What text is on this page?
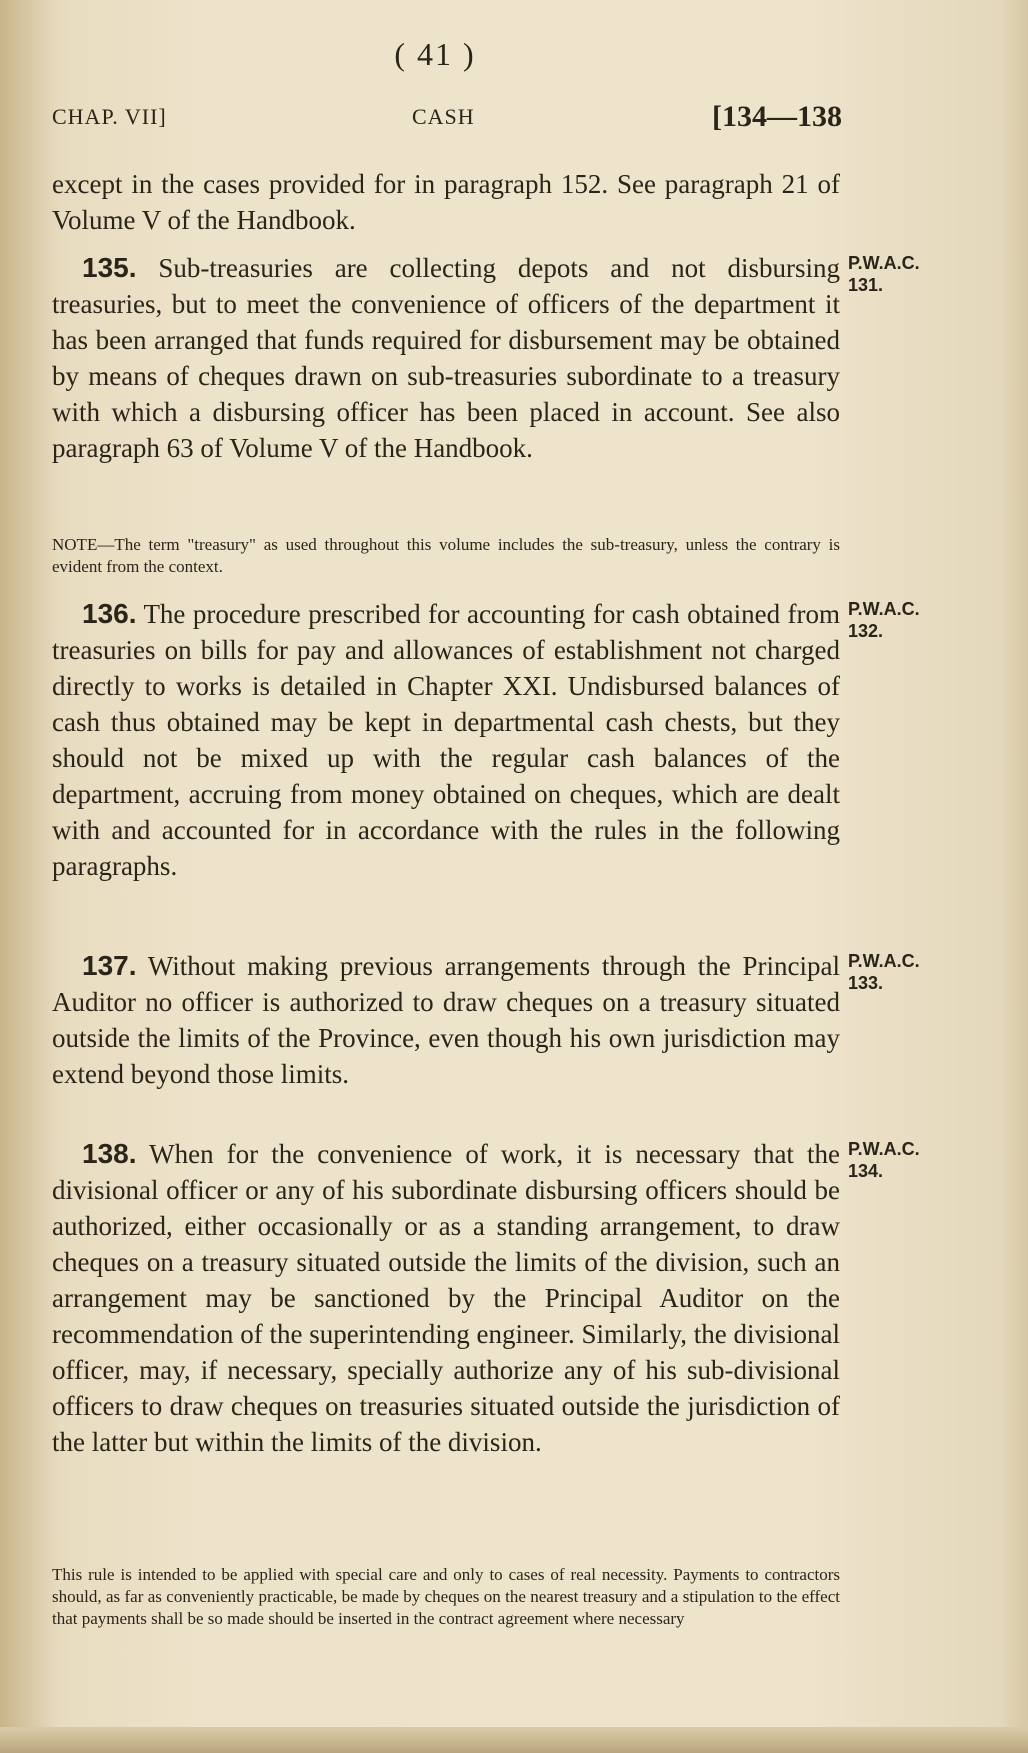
( 41 )
CHAP. VII]	CASH	[134—138

except in the cases provided for in paragraph 152. See paragraph 21 of Volume V of the Handbook.

135. Sub-treasuries are collecting depots and not disbursing treasuries, but to meet the convenience of officers of the department it has been arranged that funds required for disbursement may be obtained by means of cheques drawn on sub-treasuries subordinate to a treasury with which a disbursing officer has been placed in account. See also paragraph 63 of Volume V of the Handbook.

P.W.A.C.
131.

NOTE—The term "treasury" as used throughout this volume includes the sub-treasury, unless the contrary is evident from the context.

136. The procedure prescribed for accounting for cash obtained from treasuries on bills for pay and allowances of establishment not charged directly to works is detailed in Chapter XXI. Undisbursed balances of cash thus obtained may be kept in departmental cash chests, but they should not be mixed up with the regular cash balances of the department, accruing from money obtained on cheques, which are dealt with and accounted for in accordance with the rules in the following paragraphs.

P.W.A.C.
132.

137. Without making previous arrangements through the Principal Auditor no officer is authorized to draw cheques on a treasury situated outside the limits of the Province, even though his own jurisdiction may extend beyond those limits.

P.W.A.C.
133.

138. When for the convenience of work, it is necessary that the divisional officer or any of his subordinate disbursing officers should be authorized, either occasionally or as a standing arrangement, to draw cheques on a treasury situated outside the limits of the division, such an arrangement may be sanctioned by the Principal Auditor on the recommendation of the superintending engineer. Similarly, the divisional officer, may, if necessary, specially authorize any of his sub-divisional officers to draw cheques on treasuries situated outside the jurisdiction of the latter but within the limits of the division.

P.W.A.C.
134.

This rule is intended to be applied with special care and only to cases of real necessity. Payments to contractors should, as far as conveniently practicable, be made by cheques on the nearest treasury and a stipulation to the effect that payments shall be so made should be inserted in the contract agreement where necessary
